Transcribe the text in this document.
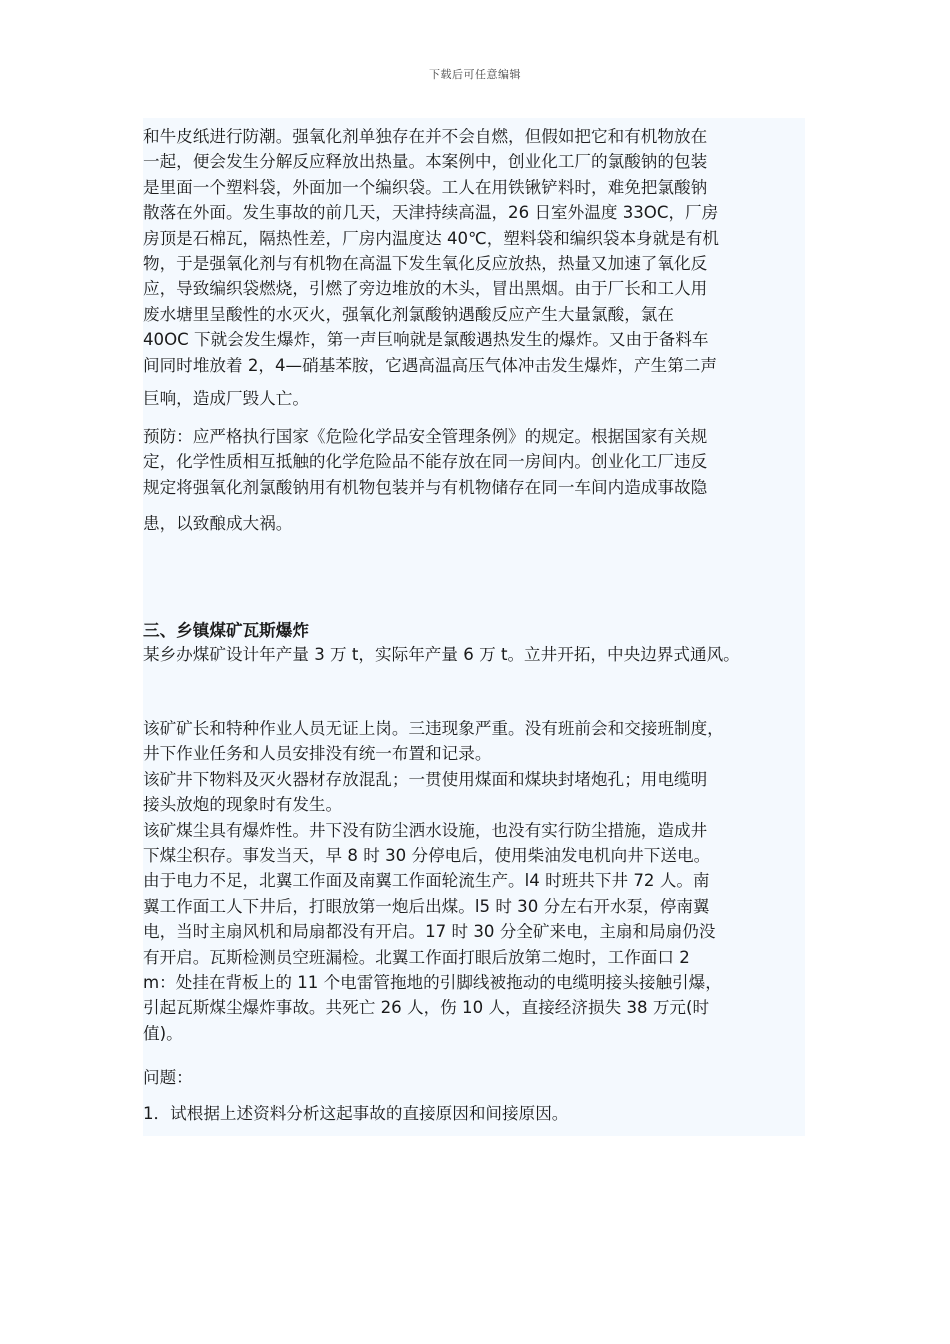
下载后可任意编辑

和牛皮纸进行防潮。强氧化剂单独存在并不会自燃，但假如把它和有机物放在
一起，便会发生分解反应释放出热量。本案例中，创业化工厂的氯酸钠的包装
是里面一个塑料袋，外面加一个编织袋。工人在用铁锹铲料时，难免把氯酸钠
散落在外面。发生事故的前几天，天津持续高温，26 日室外温度 33OC，厂房
房顶是石棉瓦，隔热性差，厂房内温度达 40℃，塑料袋和编织袋本身就是有机
物，于是强氧化剂与有机物在高温下发生氧化反应放热，热量又加速了氧化反
应，导致编织袋燃烧，引燃了旁边堆放的木头，冒出黑烟。由于厂长和工人用
废水塘里呈酸性的水灭火，强氧化剂氯酸钠遇酸反应产生大量氯酸，氯在
40OC 下就会发生爆炸，第一声巨响就是氯酸遇热发生的爆炸。又由于备料车
间同时堆放着 2，4—硝基苯胺，它遇高温高压气体冲击发生爆炸，产生第二声

巨响，造成厂毁人亡。

预防：应严格执行国家《危险化学品安全管理条例》的规定。根据国家有关规
定，化学性质相互抵触的化学危险品不能存放在同一房间内。创业化工厂违反
规定将强氧化剂氯酸钠用有机物包装并与有机物储存在同一车间内造成事故隐

患，以致酿成大祸。

三、乡镇煤矿瓦斯爆炸

某乡办煤矿设计年产量 3 万 t，实际年产量 6 万 t。立井开拓，中央边界式通风。

该矿矿长和特种作业人员无证上岗。三违现象严重。没有班前会和交接班制度，
井下作业任务和人员安排没有统一布置和记录。
该矿井下物料及灭火器材存放混乱；一贯使用煤面和煤块封堵炮孔；用电缆明
接头放炮的现象时有发生。
该矿煤尘具有爆炸性。井下没有防尘洒水设施，也没有实行防尘措施，造成井
下煤尘积存。事发当天，早 8 时 30 分停电后，使用柴油发电机向井下送电。
由于电力不足，北翼工作面及南翼工作面轮流生产。l4 时班共下井 72 人。南
翼工作面工人下井后，打眼放第一炮后出煤。l5 时 30 分左右开水泵，停南翼
电，当时主扇风机和局扇都没有开启。17 时 30 分全矿来电，主扇和局扇仍没
有开启。瓦斯检测员空班漏检。北翼工作面打眼后放第二炮时，工作面口 2
m：处挂在背板上的 11 个电雷管拖地的引脚线被拖动的电缆明接头接触引爆，
引起瓦斯煤尘爆炸事故。共死亡 26 人，伤 10 人，直接经济损失 38 万元(时
值)。

问题：

1．试根据上述资料分析这起事故的直接原因和间接原因。
